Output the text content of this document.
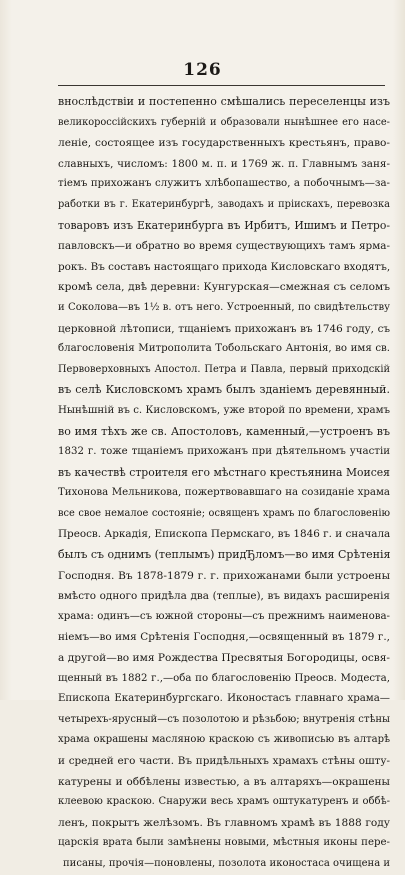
126
внослѣдствіи и постепенно смѣшались переселенцы изъ
великороссійскихъ губерній и образовали нынѣшнее его насе-
леніе, состоящее изъ государственныхъ крестьянъ, право-
славныхъ, числомъ: 1800 м. п. и 1769 ж. п. Главнымъ заня-
тіемъ прихожанъ служитъ хлѣбопашество, а побочнымъ—за-
работки въ г. Екатеринбургѣ, заводахъ и пріискахъ, перевозка
товаровъ изъ Екатеринбурга въ Ирбитъ, Ишимъ и Петро-
павловскъ—и обратно во время существующихъ тамъ ярма-
рокъ. Въ составъ настоящаго прихода Кисловскаго входятъ,
кромѣ села, двѣ деревни: Кунгурская—смежная съ селомъ
и Соколова—въ 1½ в. отъ него. Устроенный, по свидѣтельству
церковной лѣтописи, тщаніемъ прихожанъ въ 1746 году, съ
благословенія Митрополита Тобольскаго Антонія, во имя св.
Первоверховныхъ Апостол. Петра и Павла, первый приходскій
въ селѣ Кисловскомъ храмъ былъ зданіемъ деревянный.
Нынѣшній въ с. Кисловскомъ, уже второй по времени, храмъ
во имя тѣхъ же св. Апостоловъ, каменный,—устроенъ въ
1832 г. тоже тщаніемъ прихожанъ при дѣятельномъ участіи
въ качествѣ строителя его мѣстнаго крестьянина Моисея
Тихонова Мельникова, пожертвовавшаго на созиданіе храма
все свое немалое состояніе; освященъ храмъ по благословенію
Преосв. Аркадія, Епископа Пермскаго, въ 1846 г. и сначала
былъ съ однимъ (теплымъ) придЂломъ—во имя Срѣтенія
Господня. Въ 1878-1879 г. г. прихожанами были устроены
вмѣсто одного придѣла два (теплые), въ видахъ расширенія
храма: одинъ—съ южной стороны—съ прежнимъ наименова-
ніемъ—во имя Срѣтенія Господня,—освященный въ 1879 г.,
а другой—во имя Рождества Пресвятыя Богородицы, освя-
щенный въ 1882 г.,—оба по благословенію Преосв. Модеста,
Епископа Екатеринбургскаго. Иконостасъ главнаго храма—
четырехъ-ярусный—съ позолотою и рѣзьбою; внутренія стѣны
храма окрашены масляною краскою съ живописью въ алтарѣ
и средней его части. Въ придѣльныхъ храмахъ стѣны ошту-
катурены и оббѣлены известью, а въ алтаряхъ—окрашены
клеевою краскою. Снаружи весь храмъ оштукатуренъ и оббѣ-
ленъ, покрытъ желѣзомъ. Въ главномъ храмѣ въ 1888 году
царскія врата были замѣнены новыми, мѣстныя иконы пере-
писаны, прочія—поновлены, позолота иконостаса очищена и
